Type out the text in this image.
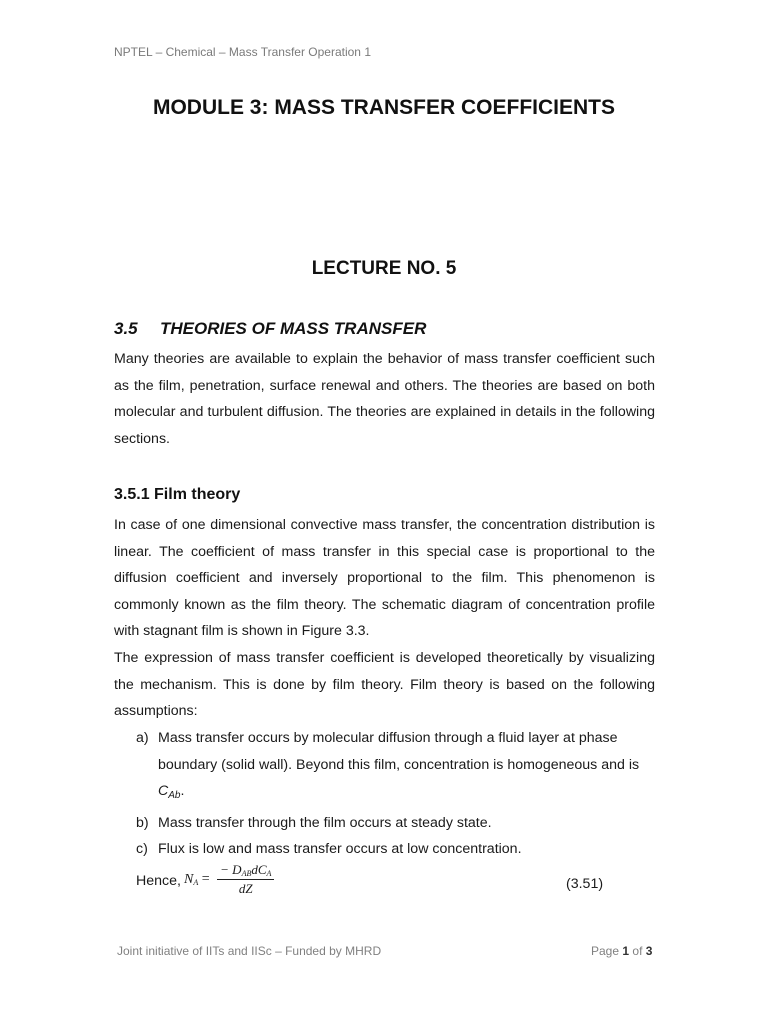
NPTEL – Chemical – Mass Transfer Operation 1
MODULE 3: MASS TRANSFER COEFFICIENTS
LECTURE NO. 5
3.5 THEORIES OF MASS TRANSFER
Many theories are available to explain the behavior of mass transfer coefficient such as the film, penetration, surface renewal and others. The theories are based on both molecular and turbulent diffusion. The theories are explained in details in the following sections.
3.5.1 Film theory
In case of one dimensional convective mass transfer, the concentration distribution is linear. The coefficient of mass transfer in this special case is proportional to the diffusion coefficient and inversely proportional to the film. This phenomenon is commonly known as the film theory. The schematic diagram of concentration profile with stagnant film is shown in Figure 3.3.
The expression of mass transfer coefficient is developed theoretically by visualizing the mechanism. This is done by film theory. Film theory is based on the following assumptions:
a) Mass transfer occurs by molecular diffusion through a fluid layer at phase boundary (solid wall). Beyond this film, concentration is homogeneous and is $C_{Ab}$.
b) Mass transfer through the film occurs at steady state.
c) Flux is low and mass transfer occurs at low concentration.
Hence, NA = $\frac{\text{− DABdCA}}{dZ}$	(3.51)
Joint initiative of IITs and IISc – Funded by MHRD	Page 1 of 3
